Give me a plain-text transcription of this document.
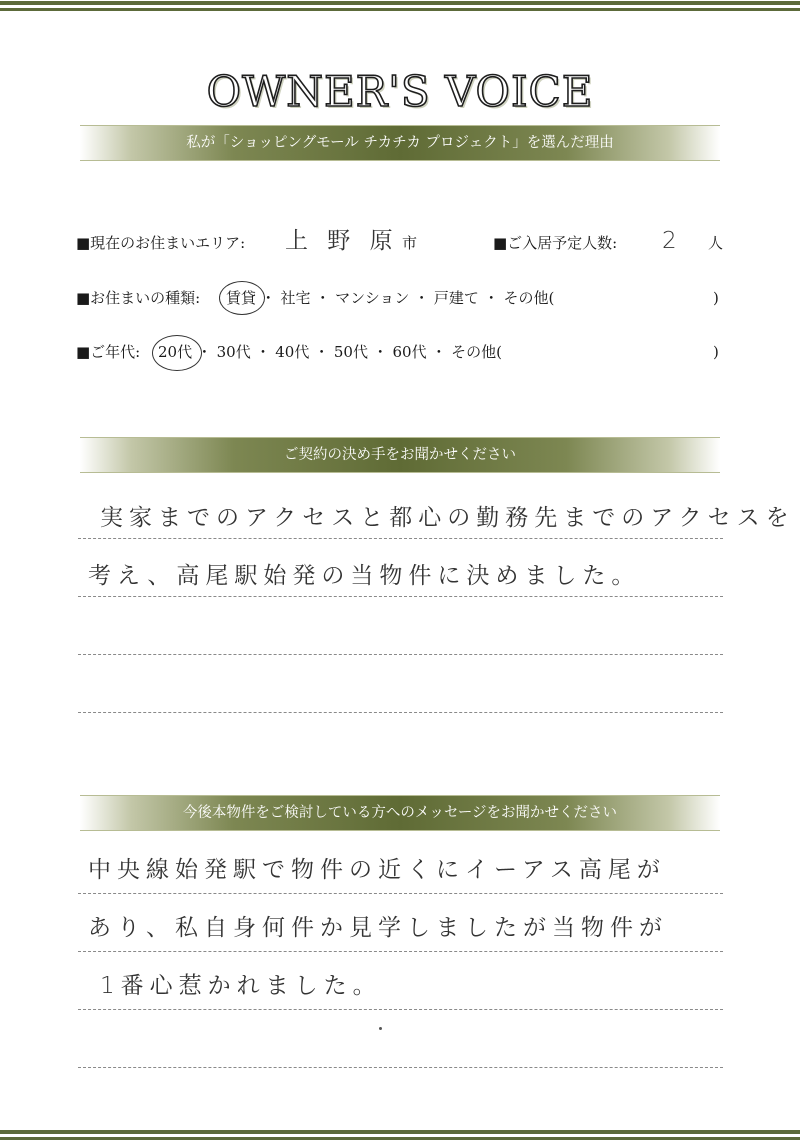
OWNER'S VOICE
私が「ショッピングモール チカチカ プロジェクト」を選んだ理由
■現在のお住まいエリア: 上 野 原 市	■ご入居予定人数: 2 人
■お住まいの種類: 賃貸 ・ 社宅 ・ マンション ・ 戸建て ・ その他(	)
■ご年代: 20代 ・ 30代 ・ 40代 ・ 50代 ・ 60代 ・ その他(	)
ご契約の決め手をお聞かせください
実家までのアクセスと都心の勤務先までのアクセスを
考え、高尾駅始発の当物件に決めました。
今後本物件をご検討している方へのメッセージをお聞かせください
中央線始発駅で物件の近くにイーアス高尾が
あり、私自身何件か見学しましたが当物件が
1番心惹かれました。
